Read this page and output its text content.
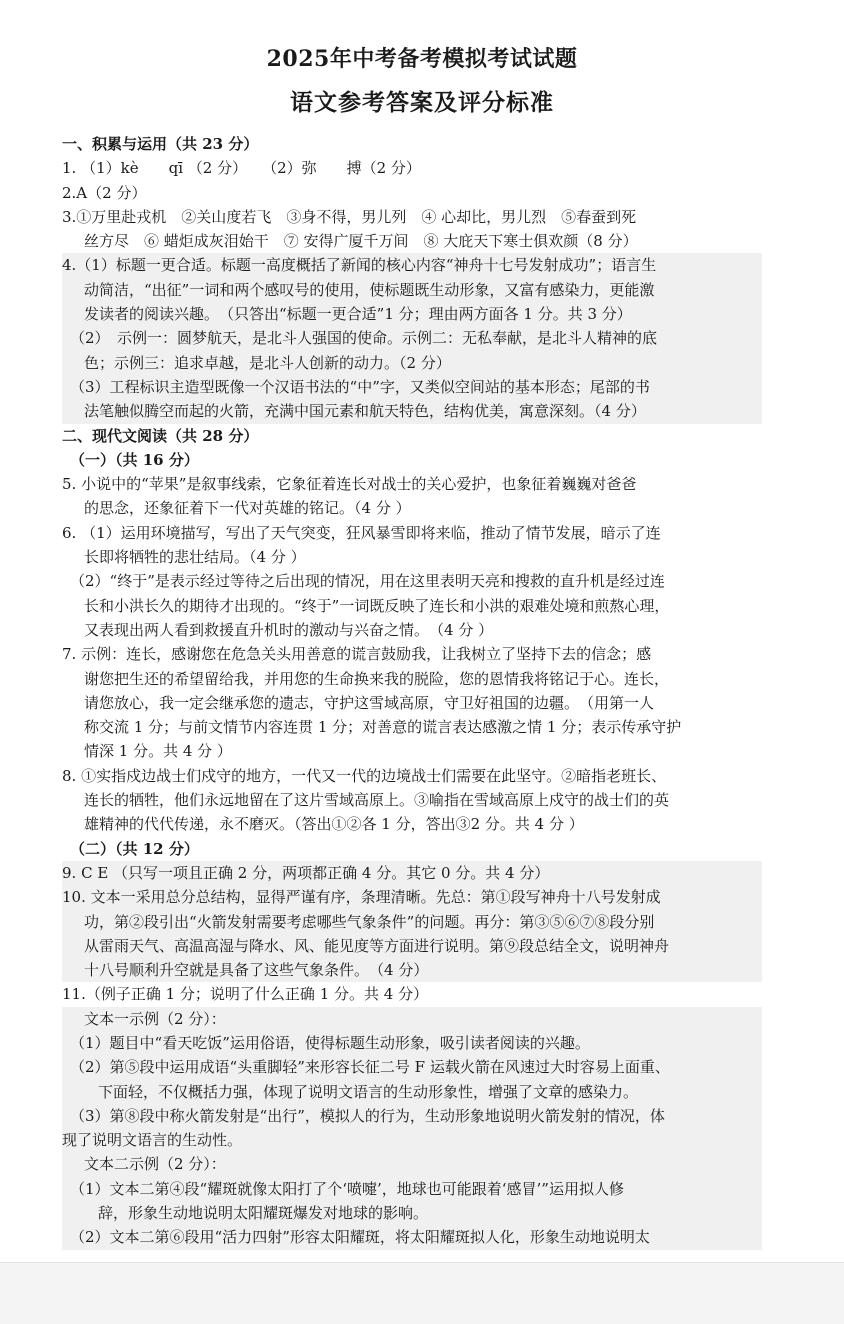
2025年中考备考模拟考试试题
语文参考答案及评分标准
一、积累与运用（共 23 分）
1. （1）kè　　qī （2 分）　　（2）弥　　搏（2 分）
2.A（2 分）
3.①万里赴戎机　②关山度若飞　③身不得，男儿列　④ 心却比，男儿烈　⑤春蚕到死
丝方尽　⑥ 蜡炬成灰泪始干　⑦ 安得广厦千万间　⑧ 大庇天下寒士俱欢颜（8 分）
4.（1）标题一更合适。标题一高度概括了新闻的核心内容“神舟十七号发射成功”；语言生
动简洁，“出征”一词和两个感叹号的使用，使标题既生动形象，又富有感染力，更能激
发读者的阅读兴趣。　（只答出“标题一更合适”1 分；理由两方面各 1 分。共 3 分）
（2）　示例一：圆梦航天，是北斗人强国的使命。示例二：无私奉献，是北斗人精神的底
色；示例三：追求卓越，是北斗人创新的动力。（2 分）
（3）工程标识主造型既像一个汉语书法的“中”字，又类似空间站的基本形态；尾部的书
法笔触似腾空而起的火箭，充满中国元素和航天特色，结构优美，寓意深刻。（4 分）
二、现代文阅读（共 28 分）
（一）（共 16 分）
5. 小说中的“苹果”是叙事线索，它象征着连长对战士的关心爱护，也象征着巍巍对爸爸
的思念，还象征着下一代对英雄的铭记。（4 分 ）
6. （1）运用环境描写，写出了天气突变，狂风暴雪即将来临，推动了情节发展，暗示了连
长即将牺牲的悲壮结局。（4 分 ）
（2）“终于”是表示经过等待之后出现的情况，用在这里表明天亮和搜救的直升机是经过连
长和小洪长久的期待才出现的。“终于”一词既反映了连长和小洪的艰难处境和煎熬心理，
又表现出两人看到救援直升机时的激动与兴奋之情。　（4 分 ）
7. 示例：连长，感谢您在危急关头用善意的谎言鼓励我，让我树立了坚持下去的信念；感
谢您把生还的希望留给我，并用您的生命换来我的脱险，您的恩情我将铭记于心。连长，
请您放心，我一定会继承您的遗志，守护这雪域高原，守卫好祖国的边疆。　（用第一人
称交流 1 分；与前文情节内容连贯 1 分；对善意的谎言表达感激之情 1 分；表示传承守护
情深 1 分。共 4 分 ）
8. ①实指戍边战士们戍守的地方，一代又一代的边境战士们需要在此坚守。②暗指老班长、
连长的牺牲，他们永远地留在了这片雪域高原上。③喻指在雪域高原上戍守的战士们的英
雄精神的代代传递，永不磨灭。（答出①②各 1 分，答出③2 分。共 4 分 ）
（二）（共 12 分）
9. C E （只写一项且正确 2 分，两项都正确 4 分。其它 0 分。共 4 分）
10. 文本一采用总分总结构，显得严谨有序，条理清晰。先总：第①段写神舟十八号发射成
功，第②段引出“火箭发射需要考虑哪些气象条件”的问题。再分：第③⑤⑥⑦⑧段分别
从雷雨天气、高温高湿与降水、风、能见度等方面进行说明。第⑨段总结全文，说明神舟
十八号顺利升空就是具备了这些气象条件。　（4 分）
11.（例子正确 1 分；说明了什么正确 1 分。共 4 分）
文本一示例（2 分）：
（1）题目中“看天吃饭”运用俗语，使得标题生动形象，吸引读者阅读的兴趣。
（2）第⑤段中运用成语“头重脚轻”来形容长征二号 F 运载火箭在风速过大时容易上面重、
下面轻，不仅概括力强，体现了说明文语言的生动形象性，增强了文章的感染力。
（3）第⑧段中称火箭发射是“出行”，模拟人的行为，生动形象地说明火箭发射的情况，体
现了说明文语言的生动性。
文本二示例（2 分）：
（1）文本二第④段“耀斑就像太阳打了个‘喷嚏’，地球也可能跟着‘感冒’”运用拟人修
辞，形象生动地说明太阳耀斑爆发对地球的影响。
（2）文本二第⑥段用“活力四射”形容太阳耀斑，将太阳耀斑拟人化，形象生动地说明太
